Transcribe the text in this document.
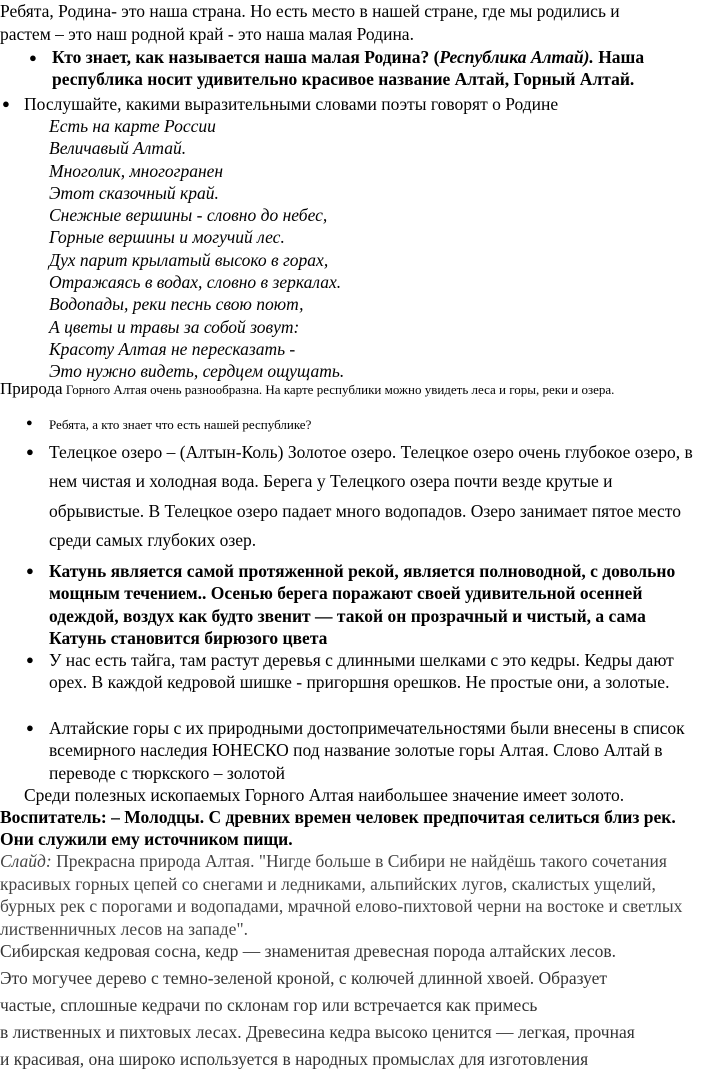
Ребята, Родина- это наша страна. Но есть место в нашей стране, где мы родились и
растем – это наш родной край - это наша малая Родина.
● Кто знает, как называется наша малая Родина? (Республика Алтай). Наша республика носит удивительно красивое название Алтай, Горный Алтай.
● Послушайте, какими выразительными словами поэты говорят о Родине
Есть на карте России
Величавый Алтай.
Многолик, многогранен
Этот сказочный край.
Снежные вершины - словно до небес,
Горные вершины и могучий лес.
Дух парит крылатый высоко в горах,
Отражаясь в водах, словно в зеркалах.
Водопады, реки песнь свою поют,
А цветы и травы за собой зовут:
Красоту Алтая не пересказать -
Это нужно видеть, сердцем ощущать.
Природа Горного Алтая очень разнообразна. На карте республики можно увидеть леса и горы, реки и озера.
● Ребята, а кто знает что есть нашей республике?
● Телецкое озеро – (Алтын-Коль) Золотое озеро. Телецкое озеро очень глубокое озеро, в нем чистая и холодная вода. Берега у Телецкого озера почти везде крутые и обрывистые. В Телецкое озеро падает много водопадов. Озеро занимает пятое место среди самых глубоких озер.
● Катунь является самой протяженной рекой, является полноводной, с довольно мощным течением.. Осенью берега поражают своей удивительной осенней одеждой, воздух как будто звенит — такой он прозрачный и чистый, а сама Катунь становится бирюзого цвета
● У нас есть тайга, там растут деревья с длинными шелками с это кедры. Кедры дают орех. В каждой кедровой шишке - пригоршня орешков. Не простые они, а золотые.
● Алтайские горы с их природными достопримечательностями были внесены в список всемирного наследия ЮНЕСКО под название золотые горы Алтая. Слово Алтай в переводе с тюркского – золотой
Среди полезных ископаемых Горного Алтая наибольшее значение имеет золото.
Воспитатель: – Молодцы. С древних времен человек предпочитая селиться близ рек. Они служили ему источником пищи.
Слайд: Прекрасна природа Алтая. "Нигде больше в Сибири не найдёшь такого сочетания красивых горных цепей со снегами и ледниками, альпийских лугов, скалистых ущелий, бурных рек с порогами и водопадами, мрачной елово-пихтовой черни на востоке и светлых лиственничных лесов на западе".
Сибирская кедровая сосна, кедр — знаменитая древесная порода алтайских лесов.
Это могучее дерево с темно-зеленой кроной, с колючей длинной хвоей. Образует
частые, сплошные кедрачи по склонам гор или встречается как примесь
в лиственных и пихтовых лесах. Древесина кедра высоко ценится — легкая, прочная
и красивая, она широко используется в народных промыслах для изготовления
